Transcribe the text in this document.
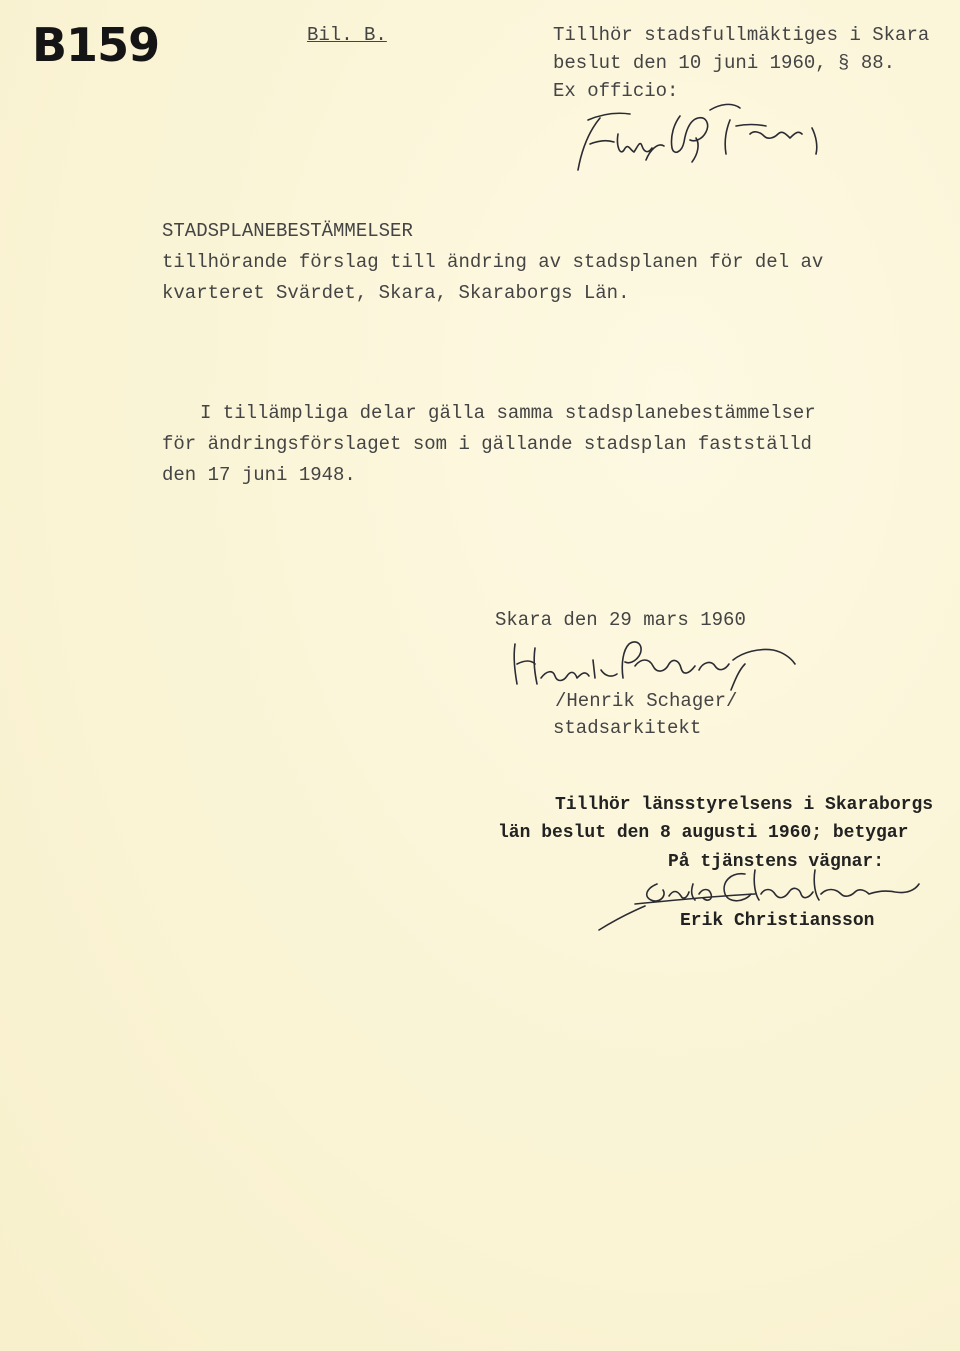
B159	Bil. B.	Tillhör stadsfullmäktiges i Skara
beslut den 10 juni 1960, § 88.
Ex officio:
STADSPLANEBESTÄMMELSER
tillhörande förslag till ändring av stadsplanen för del av
kvarteret Svärdet, Skara, Skaraborgs Län.
I tillämpliga delar gälla samma stadsplanebestämmelser
för ändringsförslaget som i gällande stadsplan fastställd
den 17 juni 1948.
Skara den 29 mars 1960
/Henrik Schager/
stadsarkitekt
Tillhör länsstyrelsens i Skaraborgs
län beslut den 8 augusti 1960; betygar
På tjänstens vägnar:
Erik Christiansson
